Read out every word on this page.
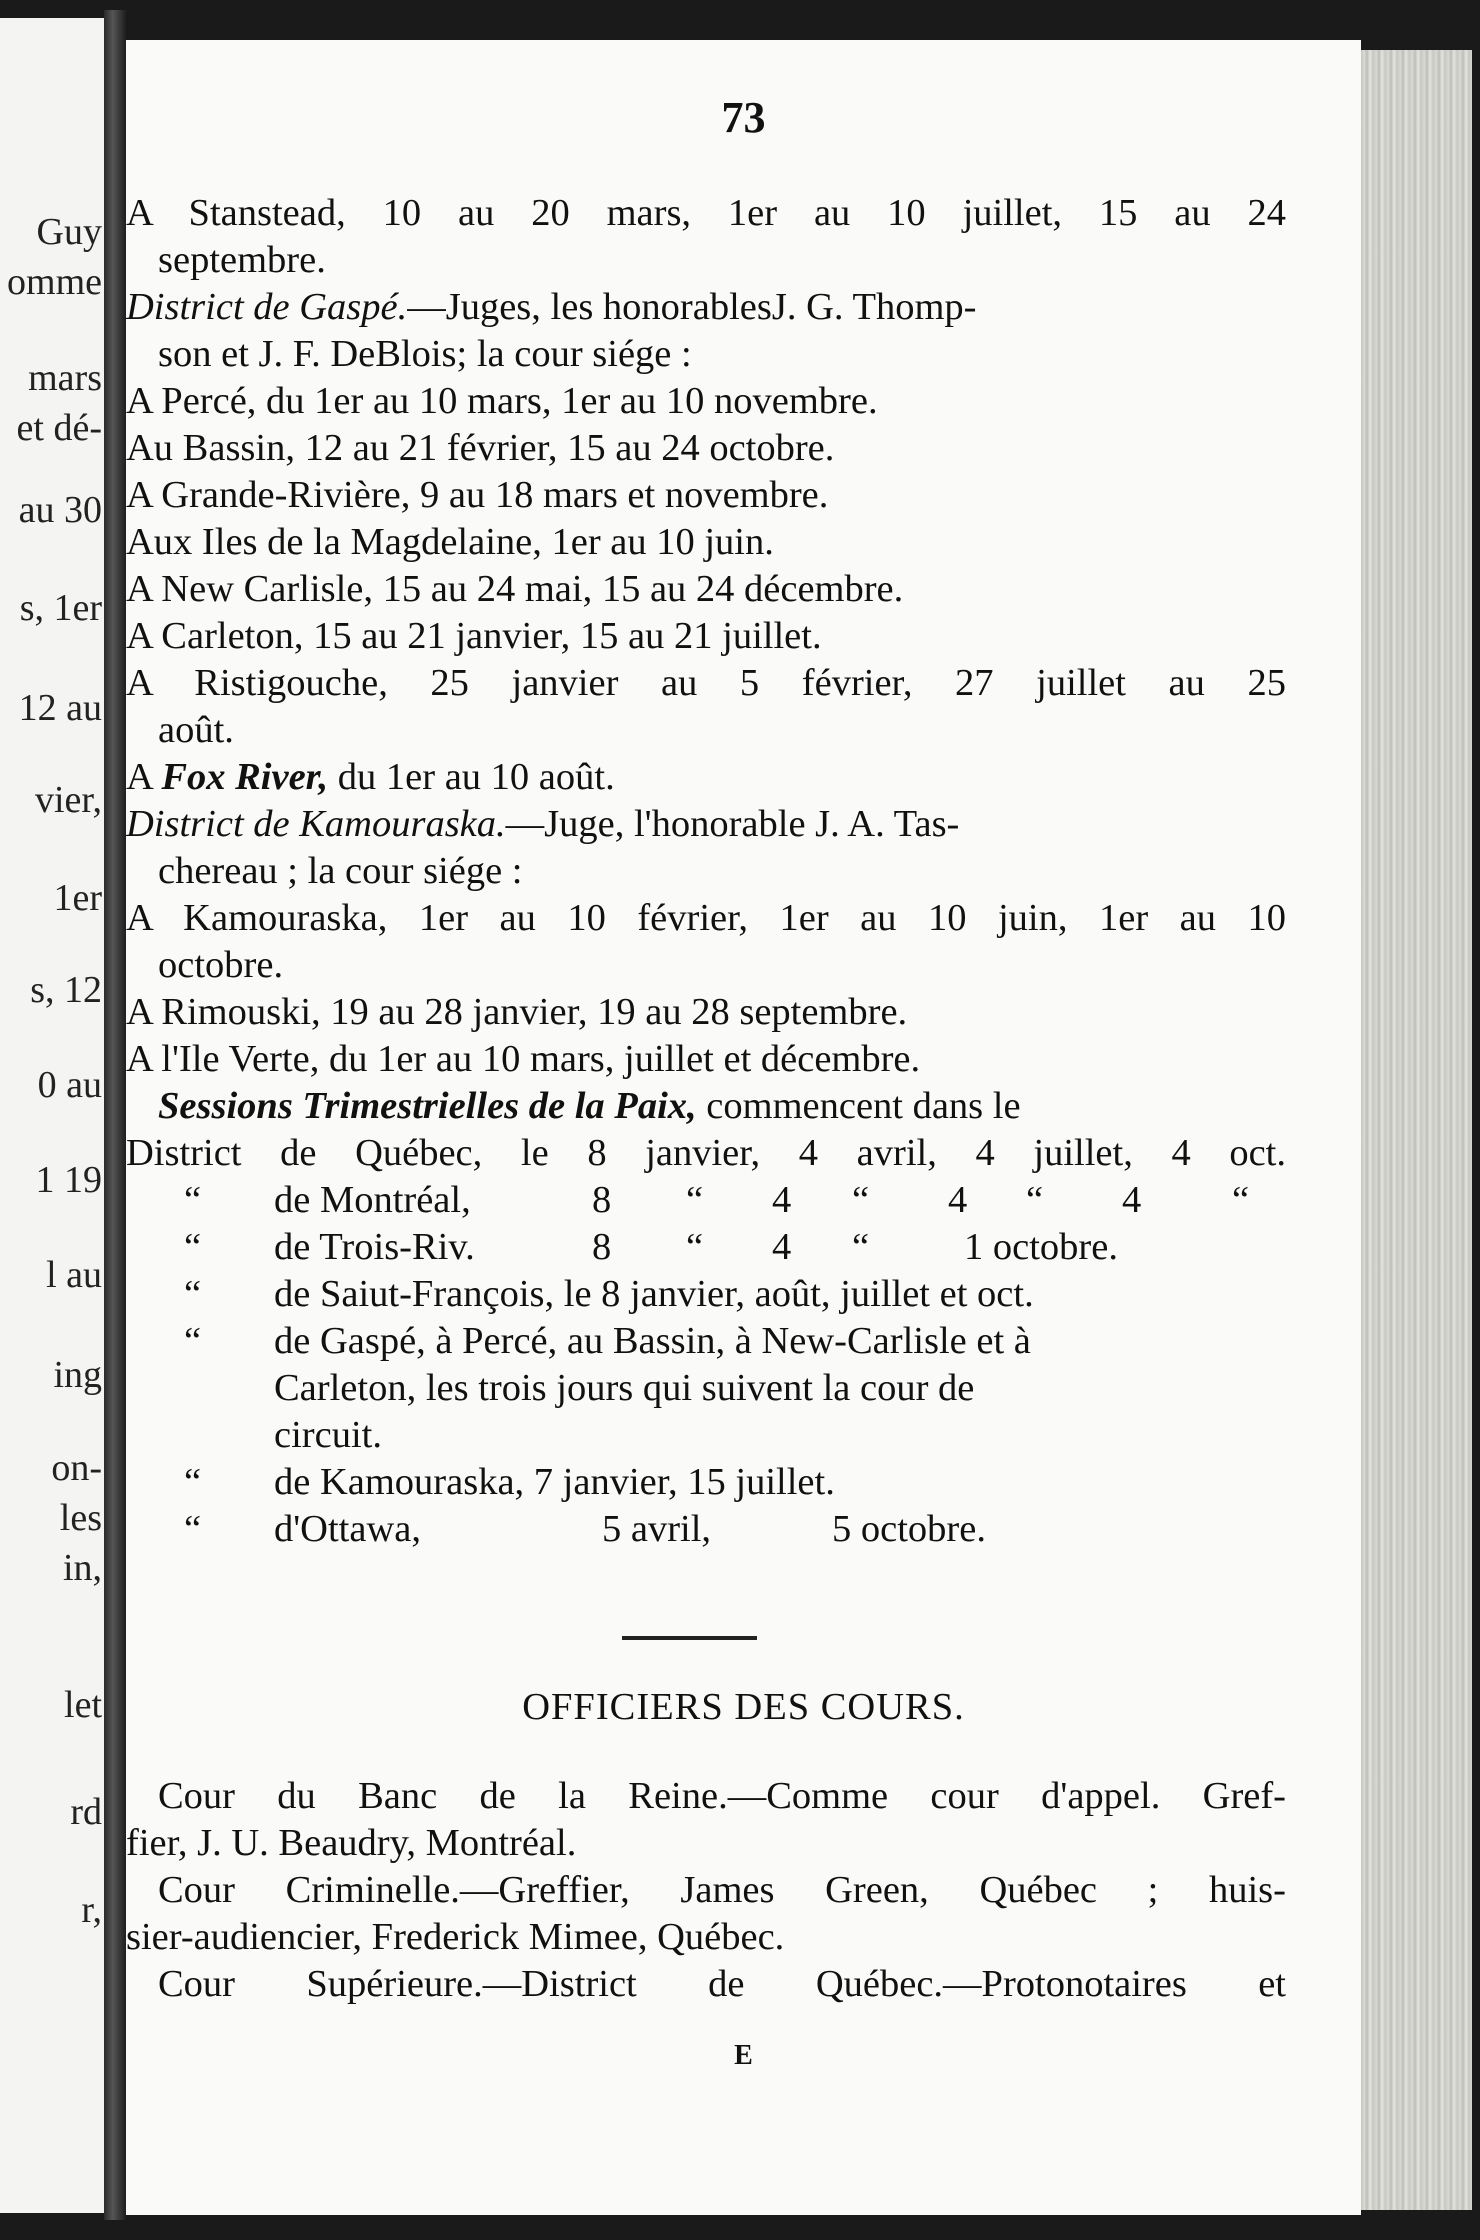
Guy
omme
mars
et dé-
au 30
s, 1er
12 au
vier,
1er
s, 12
0 au
1 19
l au
ing
on-
les
in,
let
rd
r,
73
A Stanstead, 10 au 20 mars, 1er au 10 juillet, 15 au 24
septembre.
District de Gaspé.—Juges, les honorablesJ. G. Thomp-
son et J. F. DeBlois; la cour siége :
A Percé, du 1er au 10 mars, 1er au 10 novembre.
Au Bassin, 12 au 21 février, 15 au 24 octobre.
A Grande-Rivière, 9 au 18 mars et novembre.
Aux Iles de la Magdelaine, 1er au 10 juin.
A New Carlisle, 15 au 24 mai, 15 au 24 décembre.
A Carleton, 15 au 21 janvier, 15 au 21 juillet.
A Ristigouche, 25 janvier au 5 février, 27 juillet au 25
août.
A Fox River, du 1er au 10 août.
District de Kamouraska.—Juge, l'honorable J. A. Tas-
chereau ; la cour siége :
A Kamouraska, 1er au 10 février, 1er au 10 juin, 1er au 10
octobre.
A Rimouski, 19 au 28 janvier, 19 au 28 septembre.
A l'Ile Verte, du 1er au 10 mars, juillet et décembre.
Sessions Trimestrielles de la Paix, commencent dans le
District de Québec, le 8 janvier, 4 avril, 4 juillet, 4 oct.
“ de Montréal,	8 “ 4 “ 4 “ 4 “
“ de Trois-Riv.	8 “ 4 “ 1 octobre.
“ de Saiut-François, le 8 janvier, août, juillet et oct.
“ de Gaspé, à Percé, au Bassin, à New-Carlisle et à
Carleton, les trois jours qui suivent la cour de
circuit.
“ de Kamouraska, 7 janvier, 15 juillet.
“ d'Ottawa,	5 avril,	5 octobre.
OFFICIERS DES COURS.
Cour du Banc de la Reine.—Comme cour d'appel. Gref-
fier, J. U. Beaudry, Montréal.
Cour Criminelle.—Greffier, James Green, Québec ; huis-
sier-audiencier, Frederick Mimee, Québec.
Cour Supérieure.—District de Québec.—Protonotaires et
E
